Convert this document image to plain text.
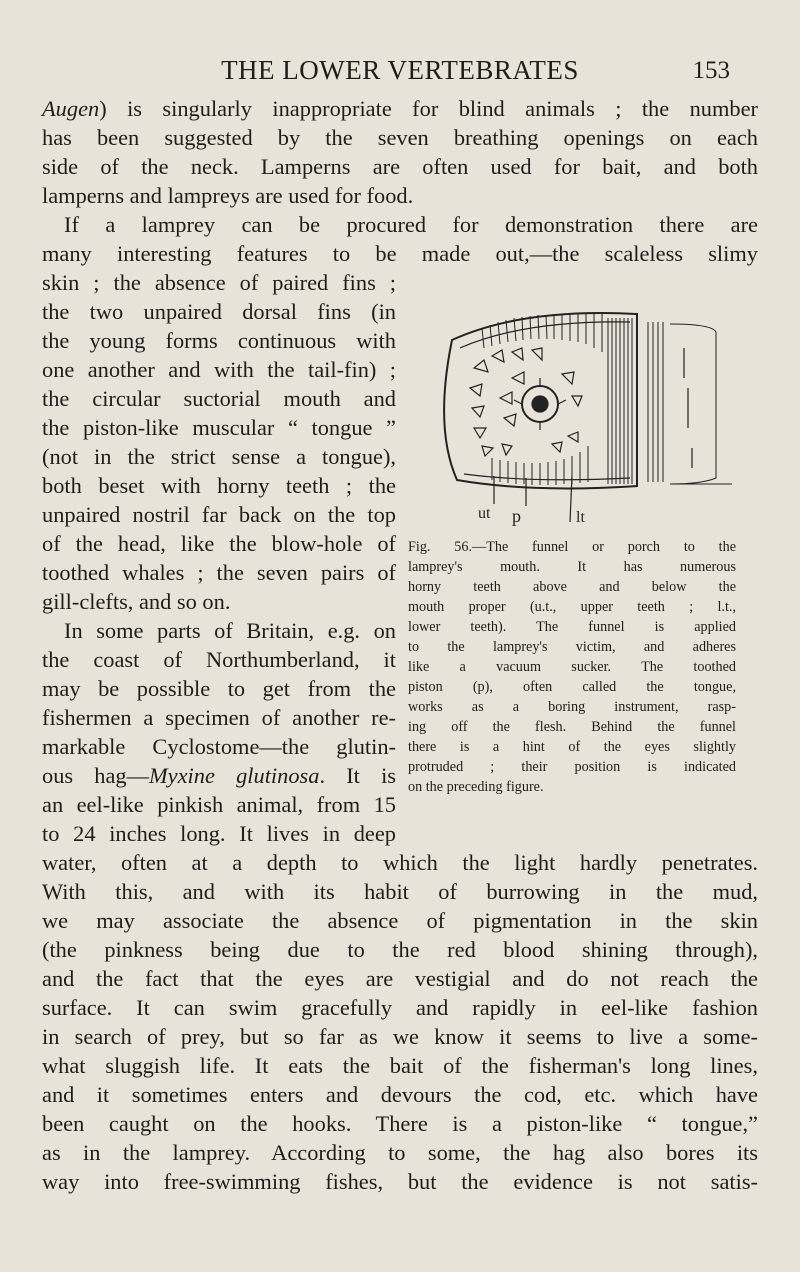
THE LOWER VERTEBRATES	153
Augen) is singularly inappropriate for blind animals ; the number
has been suggested by the seven breathing openings on each
side of the neck. Lamperns are often used for bait, and both
lamperns and lampreys are used for food.
If a lamprey can be procured for demonstration there are
many interesting features to be made out,—the scaleless slimy
skin ; the absence of paired fins ;
the two unpaired dorsal fins (in
the young forms continuous with
one another and with the tail-fin) ;
the circular suctorial mouth and
the piston-like muscular “ tongue ”
(not in the strict sense a tongue),
both beset with horny teeth ; the
unpaired nostril far back on the top
of the head, like the blow-hole of
toothed whales ; the seven pairs of
gill-clefts, and so on.
In some parts of Britain, e.g. on
the coast of Northumberland, it
may be possible to get from the
fishermen a specimen of another re-
markable Cyclostome—the glutin-
ous hag—Myxine glutinosa. It is
an eel-like pinkish animal, from 15
to 24 inches long. It lives in deep
water, often at a depth to which the light hardly penetrates.
With this, and with its habit of burrowing in the mud,
we may associate the absence of pigmentation in the skin
(the pinkness being due to the red blood shining through),
and the fact that the eyes are vestigial and do not reach the
surface. It can swim gracefully and rapidly in eel-like fashion
in search of prey, but so far as we know it seems to live a some-
what sluggish life. It eats the bait of the fisherman's long lines,
and it sometimes enters and devours the cod, etc. which have
been caught on the hooks. There is a piston-like “ tongue,”
as in the lamprey. According to some, the hag also bores its
way into free-swimming fishes, but the evidence is not satis-
ut p	lt
Fig. 56.—The funnel or porch to the
lamprey's mouth. It has numerous
horny teeth above and below the
mouth proper (u.t., upper teeth ; l.t.,
lower teeth). The funnel is applied
to the lamprey's victim, and adheres
like a vacuum sucker. The toothed
piston (p), often called the tongue,
works as a boring instrument, rasp-
ing off the flesh. Behind the funnel
there is a hint of the eyes slightly
protruded ; their position is indicated
on the preceding figure.
